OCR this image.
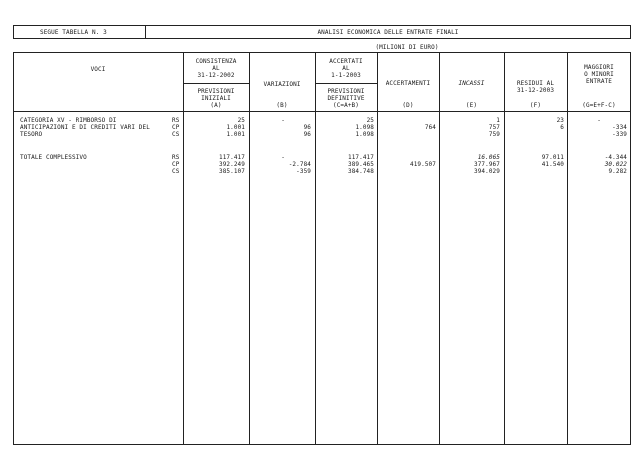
SEGUE TABELLA N. 3	ANALISI ECONOMICA DELLE ENTRATE FINALI
(MILIONI DI EURO)
VOCI
CONSISTENZA
AL
31-12-2002
PREVISIONI
INIZIALI
(A)
VARIAZIONI
(B)
ACCERTATI
AL
1-1-2003
PREVISIONI
DEFINITIVE
(C=A+B)
ACCERTAMENTI
(D)
INCASSI
(E)
RESIDUI AL
31-12-2003
(F)
MAGGIORI
O MINORI
ENTRATE
(G=E+F-C)
CATEGORIA XV - RIMBORSO DI
ANTICIPAZIONI E DI CREDITI VARI DEL
TESORO
RS
CP
CS
25
1.001
1.001
-
96
96
25
1.098
1.098
764
1
757
759
23
6
-
-334
-339
TOTALE COMPLESSIVO	RS
CP
CS
117.417
392.249
385.107
-
-2.784
-359
117.417
389.465
384.748
419.507
16.065
377.967
394.029
97.011
41.540
-4.344
30.022
9.282
